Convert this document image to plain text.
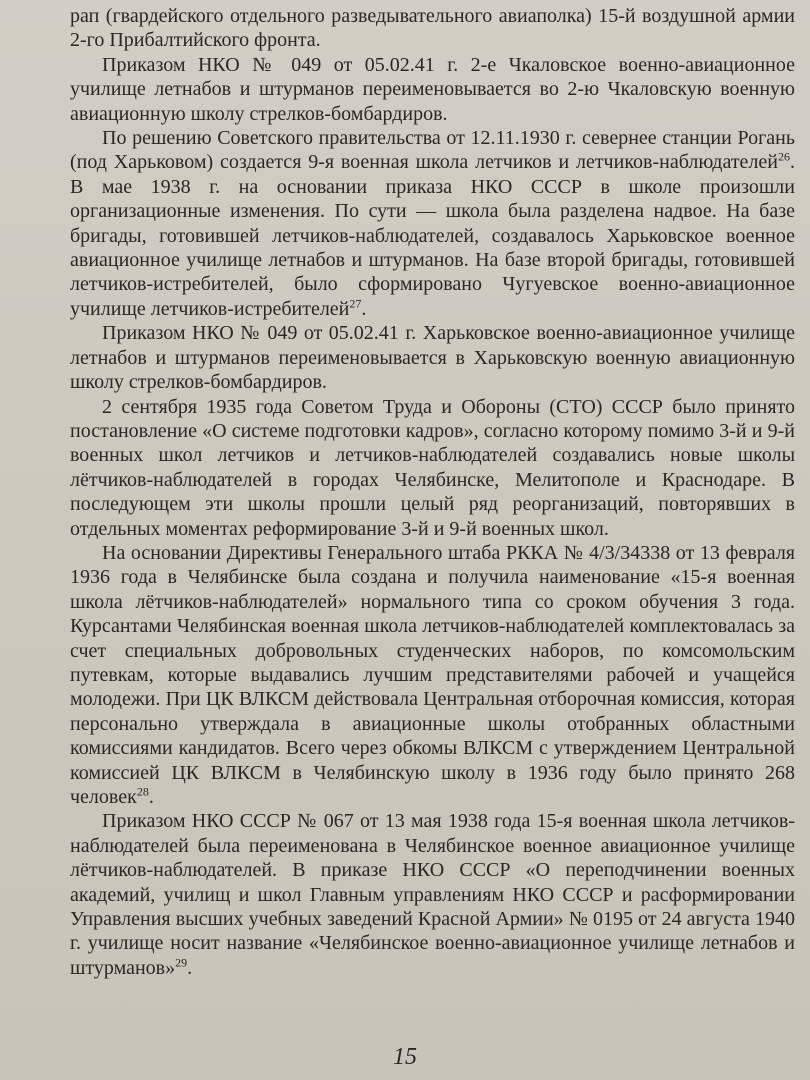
рап (гвардейского отдельного разведывательного авиаполка) 15-й воздушной армии 2-го Прибалтийского фронта.

Приказом НКО № 049 от 05.02.41 г. 2-е Чкаловское военно-авиационное училище летнабов и штурманов переименовывается во 2-ю Чкаловскую военную авиационную школу стрелков-бомбардиров.

По решению Советского правительства от 12.11.1930 г. севернее станции Рогань (под Харьковом) создается 9-я военная школа летчиков и летчиков-наблюдателей$^{26}$. В мае 1938 г. на основании приказа НКО СССР в школе произошли организационные изменения. По сути — школа была разделена надвое. На базе бригады, готовившей летчиков-наблюдателей, создавалось Харьковское военное авиационное училище летнабов и штурманов. На базе второй бригады, готовившей летчиков-истребителей, было сформировано Чугуевское военно-авиационное училище летчиков-истребителей$^{27}$.

Приказом НКО № 049 от 05.02.41 г. Харьковское военно-авиационное училище летнабов и штурманов переименовывается в Харьковскую военную авиационную школу стрелков-бомбардиров.

2 сентября 1935 года Советом Труда и Обороны (СТО) СССР было принято постановление «О системе подготовки кадров», согласно которому помимо 3-й и 9-й военных школ летчиков и летчиков-наблюдателей создавались новые школы лётчиков-наблюдателей в городах Челябинске, Мелитополе и Краснодаре. В последующем эти школы прошли целый ряд реорганизаций, повторявших в отдельных моментах реформирование 3-й и 9-й военных школ.

На основании Директивы Генерального штаба РККА № 4/3/34338 от 13 февраля 1936 года в Челябинске была создана и получила наименование «15-я военная школа лётчиков-наблюдателей» нормального типа со сроком обучения 3 года. Курсантами Челябинская военная школа летчиков-наблюдателей комплектовалась за счет специальных добровольных студенческих наборов, по комсомольским путевкам, которые выдавались лучшим представителями рабочей и учащейся молодежи. При ЦК ВЛКСМ действовала Центральная отборочная комиссия, которая персонально утверждала в авиационные школы отобранных областными комиссиями кандидатов. Всего через обкомы ВЛКСМ с утверждением Центральной комиссией ЦК ВЛКСМ в Челябинскую школу в 1936 году было принято 268 человек$^{28}$.

Приказом НКО СССР № 067 от 13 мая 1938 года 15-я военная школа летчиков-наблюдателей была переименована в Челябинское военное авиационное училище лётчиков-наблюдателей. В приказе НКО СССР «О переподчинении военных академий, училищ и школ Главным управлениям НКО СССР и расформировании Управления высших учебных заведений Красной Армии» № 0195 от 24 августа 1940 г. училище носит название «Челябинское военно-авиационное училище летнабов и штурманов»$^{29}$.

15
